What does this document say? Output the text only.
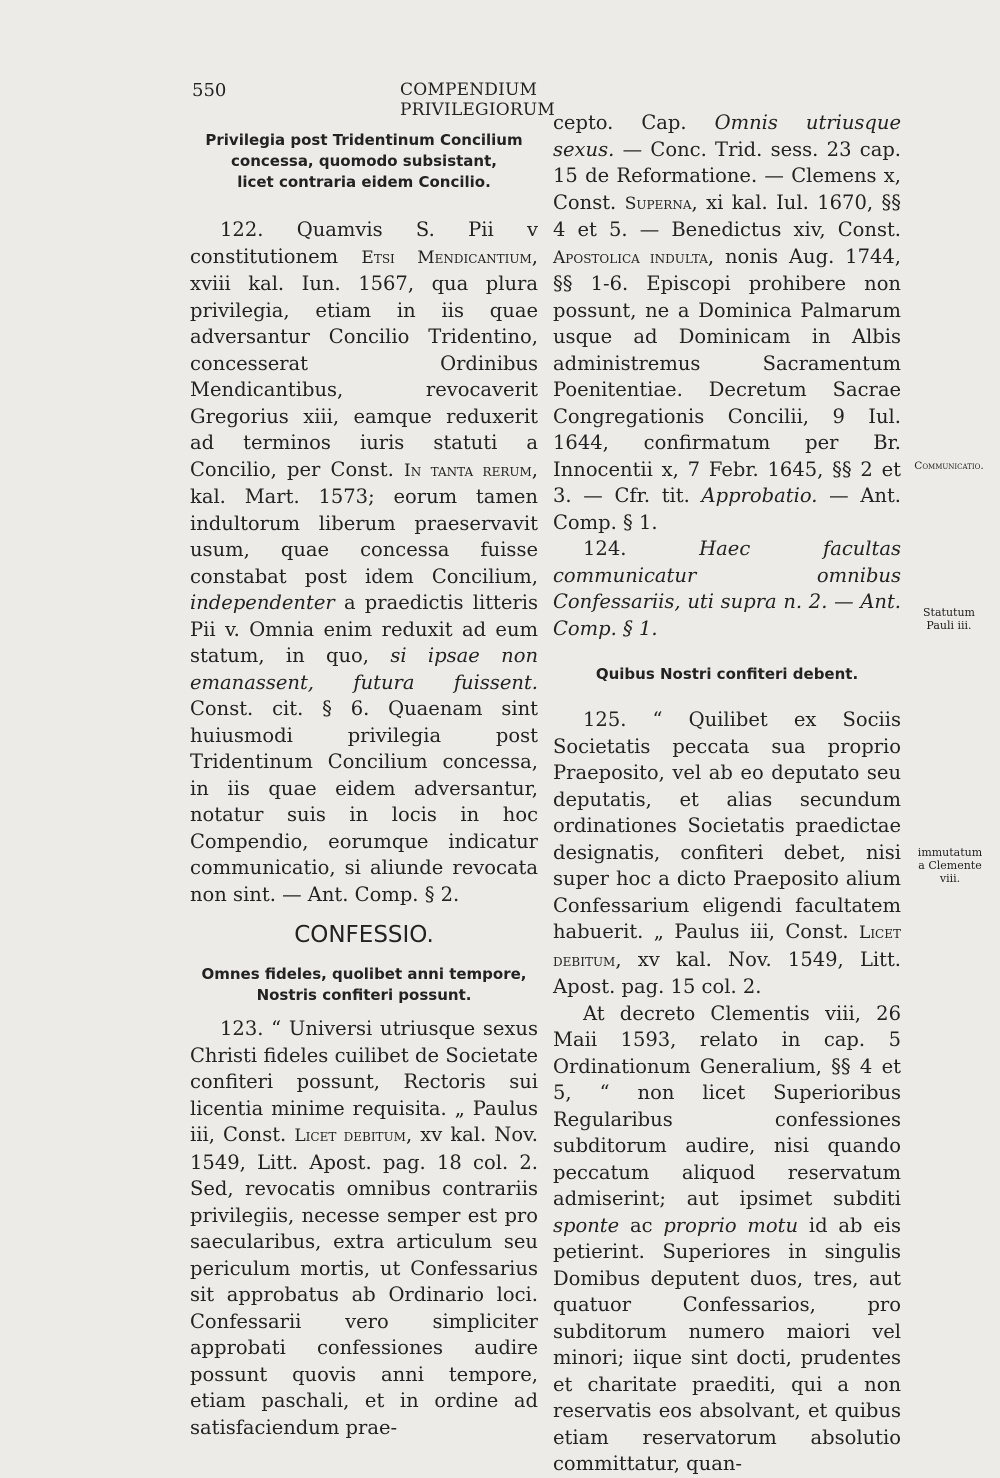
550	COMPENDIUM PRIVILEGIORUM
Privilegia post Tridentinum Concilium
concessa, quomodo subsistant,
licet contraria eidem Concilio.

122. Quamvis S. Pii v constitutionem Etsi Mendicantium, xviii kal. Iun. 1567, qua plura privilegia, etiam in iis quae adversantur Concilio Tridentino, concesserat Ordinibus Mendicantibus, revocaverit Gregorius xiii, eamque reduxerit ad terminos iuris statuti a Concilio, per Const. In tanta rerum, kal. Mart. 1573; eorum tamen indultorum liberum praeservavit usum, quae concessa fuisse constabat post idem Concilium, independenter a praedictis litteris Pii v. Omnia enim reduxit ad eum statum, in quo, si ipsae non emanassent, futura fuissent. Const. cit. § 6. Quaenam sint huiusmodi privilegia post Tridentinum Concilium concessa, in iis quae eidem adversantur, notatur suis in locis in hoc Compendio, eorumque indicatur communicatio, si aliunde revocata non sint. — Ant. Comp. § 2.

CONFESSIO.
Omnes fideles, quolibet anni tempore,
Nostris confiteri possunt.

123. “ Universi utriusque sexus Christi fideles cuilibet de Societate confiteri possunt, Rectoris sui licentia minime requisita. „ Paulus iii, Const. Licet debitum, xv kal. Nov. 1549, Litt. Apost. pag. 18 col. 2. Sed, revocatis omnibus contrariis privilegiis, necesse semper est pro saecularibus, extra articulum seu periculum mortis, ut Confessarius sit approbatus ab Ordinario loci. Confessarii vero simpliciter approbati confessiones audire possunt quovis anni tempore, etiam paschali, et in ordine ad satisfaciendum prae-

cepto. Cap. Omnis utriusque sexus. — Conc. Trid. sess. 23 cap. 15 de Reformatione. — Clemens x, Const. Superna, xi kal. Iul. 1670, §§ 4 et 5. — Benedictus xiv, Const. Apostolica indulta, nonis Aug. 1744, §§ 1-6. Episcopi prohibere non possunt, ne a Dominica Palmarum usque ad Dominicam in Albis administremus Sacramentum Poenitentiae. Decretum Sacrae Congregationis Concilii, 9 Iul. 1644, confirmatum per Br. Innocentii x, 7 Febr. 1645, §§ 2 et 3. — Cfr. tit. Approbatio. — Ant. Comp. § 1.

124.	Haec facultas communicatur omnibus Confessariis, uti supra n. 2. — Ant. Comp. § 1.

Quibus Nostri confiteri debent.

125. “ Quilibet ex Sociis Societatis peccata sua proprio Praeposito, vel ab eo deputato seu deputatis, et alias secundum ordinationes Societatis praedictae designatis, confiteri debet, nisi super hoc a dicto Praeposito alium Confessarium eligendi facultatem habuerit. „ Paulus iii, Const. Licet debitum, xv kal. Nov. 1549, Litt. Apost. pag. 15 col. 2.

At decreto Clementis viii, 26 Maii 1593, relato in cap. 5 Ordinationum Generalium, §§ 4 et 5, “ non licet Superioribus Regularibus confessiones subditorum audire, nisi quando peccatum aliquod reservatum admiserint; aut ipsimet subditi sponte ac proprio motu id ab eis petierint. Superiores in singulis Domibus deputent duos, tres, aut quatuor Confessarios, pro subditorum numero maiori vel minori; iique sint docti, prudentes et charitate praediti, qui a non reservatis eos absolvant, et quibus etiam reservatorum absolutio committatur, quan-

Communicatio.
Statutum
Pauli iii.
immutatum
a Clemente viii.
